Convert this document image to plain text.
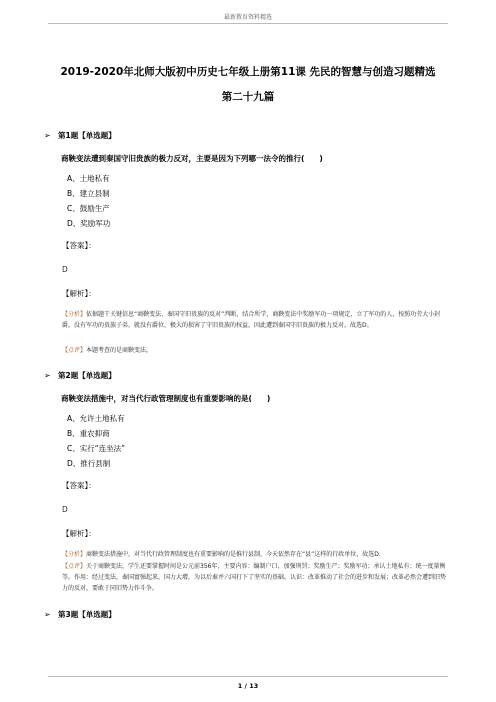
最新教育资料精选
2019-2020年北师大版初中历史七年级上册第11课 先民的智慧与创造习题精选
第二十九篇
➢ 第1题【单选题】
商鞅变法遭到秦国守旧贵族的极力反对，主要是因为下列哪一法令的推行(　　)
A、土地私有
B、建立县制
C、鼓励生产
D、奖励军功
【答案】：
D
【解析】：
【分析】依据题干关键信息“商鞅变法、秦国守旧贵族的反对”判断，结合所学，商鞅变法中奖励军功一项规定，立了军功的人，按照功劳大小封爵，没有军功的贵族子弟，就没有爵位，极大的损害了守旧贵族的权益，因此遭到秦国守旧贵族的极力反对。故选D。
【点评】本题考查的是商鞅变法。
➢ 第2题【单选题】
商鞅变法措施中，对当代行政管理制度也有重要影响的是(　　)
A、允许土地私有
B、重农抑商
C、实行“连坐法”
D、推行县制
【答案】：
D
【解析】：
【分析】商鞅变法措施中，对当代行政管理制度也有重要影响的是推行县制，今天依然存在“县”这样的行政单位，故选D.
【点评】关于商鞅变法，学生还要掌握时间是公元前356年，主要内容：编制户口，加强刑罚；奖励生产；奖励军功；承认土地私有；统一度量衡等。作用：经过变法，秦国富强起来，国力大增，为以后秦并六国打下了坚实的基础。认识：改革推动了社会的进步和发展；改革必然会遭到旧势力的反对，要敢于同旧势力作斗争。
➢ 第3题【单选题】
1 / 13
